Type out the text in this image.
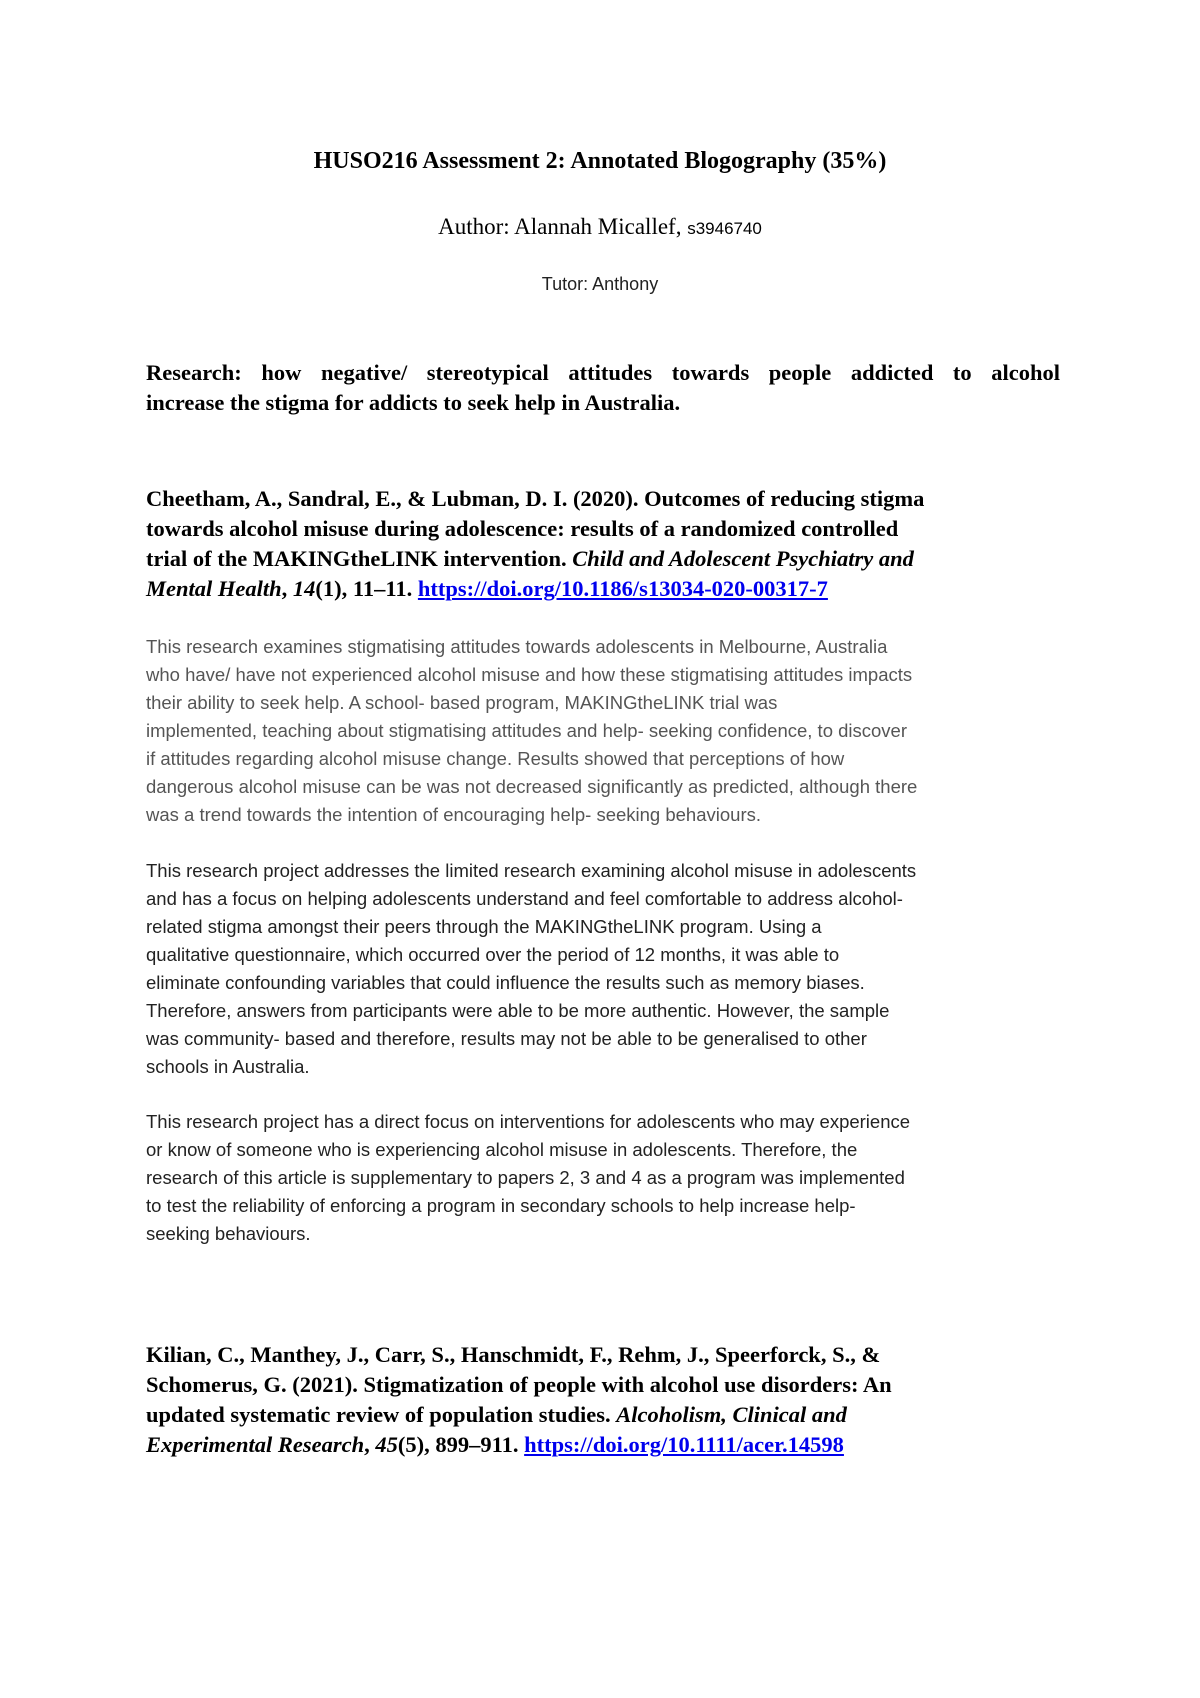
HUSO216 Assessment 2: Annotated Blogography (35%)
Author: Alannah Micallef, s3946740
Tutor: Anthony
Research: how negative/ stereotypical attitudes towards people addicted to alcohol
increase the stigma for addicts to seek help in Australia.
Cheetham, A., Sandral, E., & Lubman, D. I. (2020). Outcomes of reducing stigma
towards alcohol misuse during adolescence: results of a randomized controlled
trial of the MAKINGtheLINK intervention. Child and Adolescent Psychiatry and
Mental Health, 14(1), 11–11. https://doi.org/10.1186/s13034-020-00317-7
This research examines stigmatising attitudes towards adolescents in Melbourne, Australia
who have/ have not experienced alcohol misuse and how these stigmatising attitudes impacts
their ability to seek help. A school- based program, MAKINGtheLINK trial was
implemented, teaching about stigmatising attitudes and help- seeking confidence, to discover
if attitudes regarding alcohol misuse change. Results showed that perceptions of how
dangerous alcohol misuse can be was not decreased significantly as predicted, although there
was a trend towards the intention of encouraging help- seeking behaviours.
This research project addresses the limited research examining alcohol misuse in adolescents
and has a focus on helping adolescents understand and feel comfortable to address alcohol-
related stigma amongst their peers through the MAKINGtheLINK program. Using a
qualitative questionnaire, which occurred over the period of 12 months, it was able to
eliminate confounding variables that could influence the results such as memory biases.
Therefore, answers from participants were able to be more authentic. However, the sample
was community- based and therefore, results may not be able to be generalised to other
schools in Australia.
This research project has a direct focus on interventions for adolescents who may experience
or know of someone who is experiencing alcohol misuse in adolescents. Therefore, the
research of this article is supplementary to papers 2, 3 and 4 as a program was implemented
to test the reliability of enforcing a program in secondary schools to help increase help-
seeking behaviours.
Kilian, C., Manthey, J., Carr, S., Hanschmidt, F., Rehm, J., Speerforck, S., &
Schomerus, G. (2021). Stigmatization of people with alcohol use disorders: An
updated systematic review of population studies. Alcoholism, Clinical and
Experimental Research, 45(5), 899–911. https://doi.org/10.1111/acer.14598
